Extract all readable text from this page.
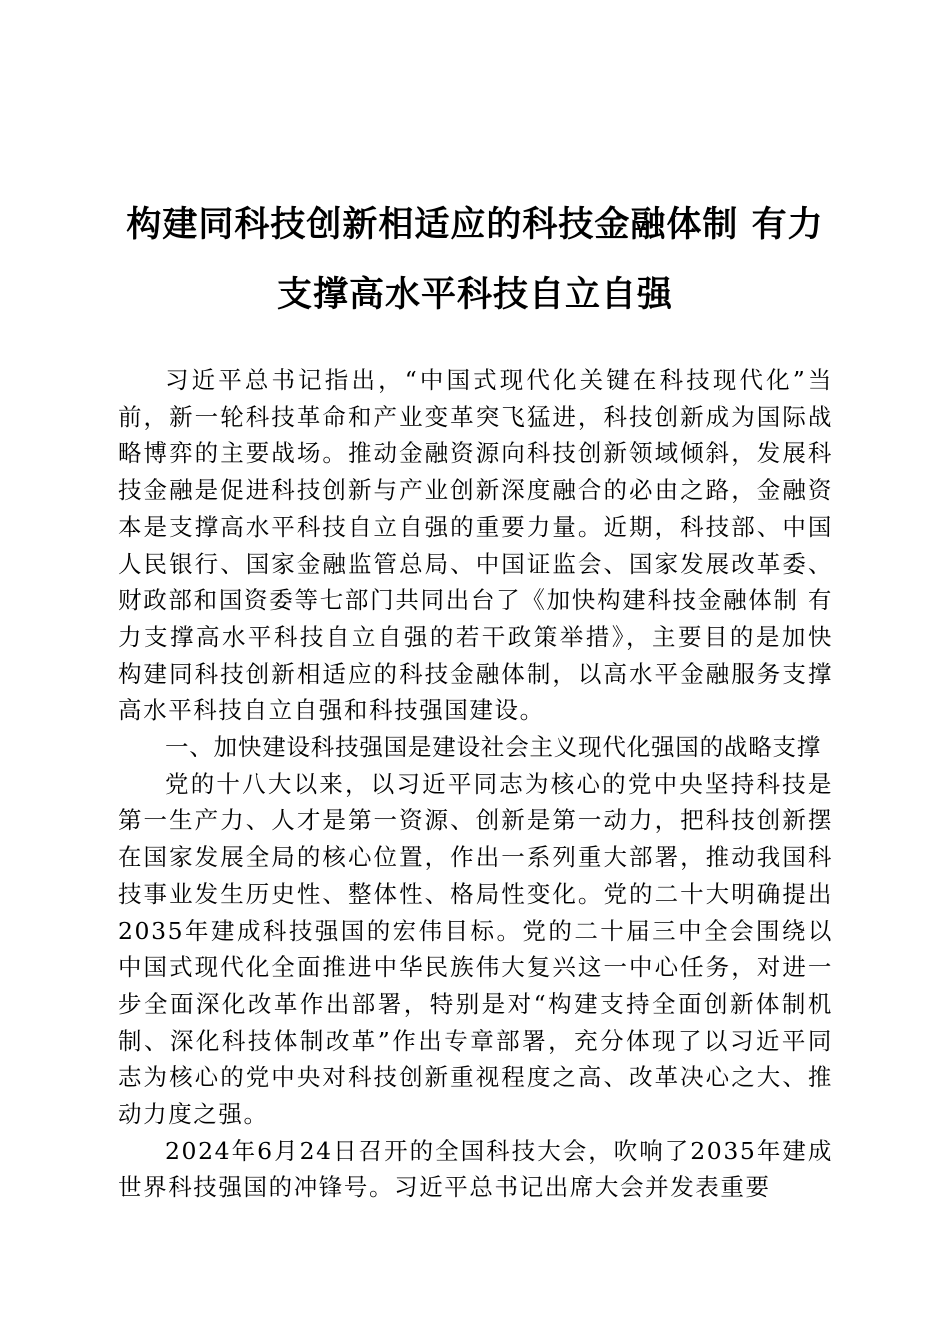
构建同科技创新相适应的科技金融体制 有力
支撑高水平科技自立自强

习近平总书记指出，“中国式现代化关键在科技现代化”当前，新一轮科技革命和产业变革突飞猛进，科技创新成为国际战略博弈的主要战场。推动金融资源向科技创新领域倾斜，发展科技金融是促进科技创新与产业创新深度融合的必由之路，金融资本是支撑高水平科技自立自强的重要力量。近期，科技部、中国人民银行、国家金融监管总局、中国证监会、国家发展改革委、财政部和国资委等七部门共同出台了《加快构建科技金融体制 有力支撑高水平科技自立自强的若干政策举措》，主要目的是加快构建同科技创新相适应的科技金融体制，以高水平金融服务支撑高水平科技自立自强和科技强国建设。

一、加快建设科技强国是建设社会主义现代化强国的战略支撑

党的十八大以来，以习近平同志为核心的党中央坚持科技是第一生产力、人才是第一资源、创新是第一动力，把科技创新摆在国家发展全局的核心位置，作出一系列重大部署，推动我国科技事业发生历史性、整体性、格局性变化。党的二十大明确提出2035年建成科技强国的宏伟目标。党的二十届三中全会围绕以中国式现代化全面推进中华民族伟大复兴这一中心任务，对进一步全面深化改革作出部署，特别是对“构建支持全面创新体制机制、深化科技体制改革”作出专章部署，充分体现了以习近平同志为核心的党中央对科技创新重视程度之高、改革决心之大、推动力度之强。

2024年6月24日召开的全国科技大会，吹响了2035年建成世界科技强国的冲锋号。习近平总书记出席大会并发表重要
